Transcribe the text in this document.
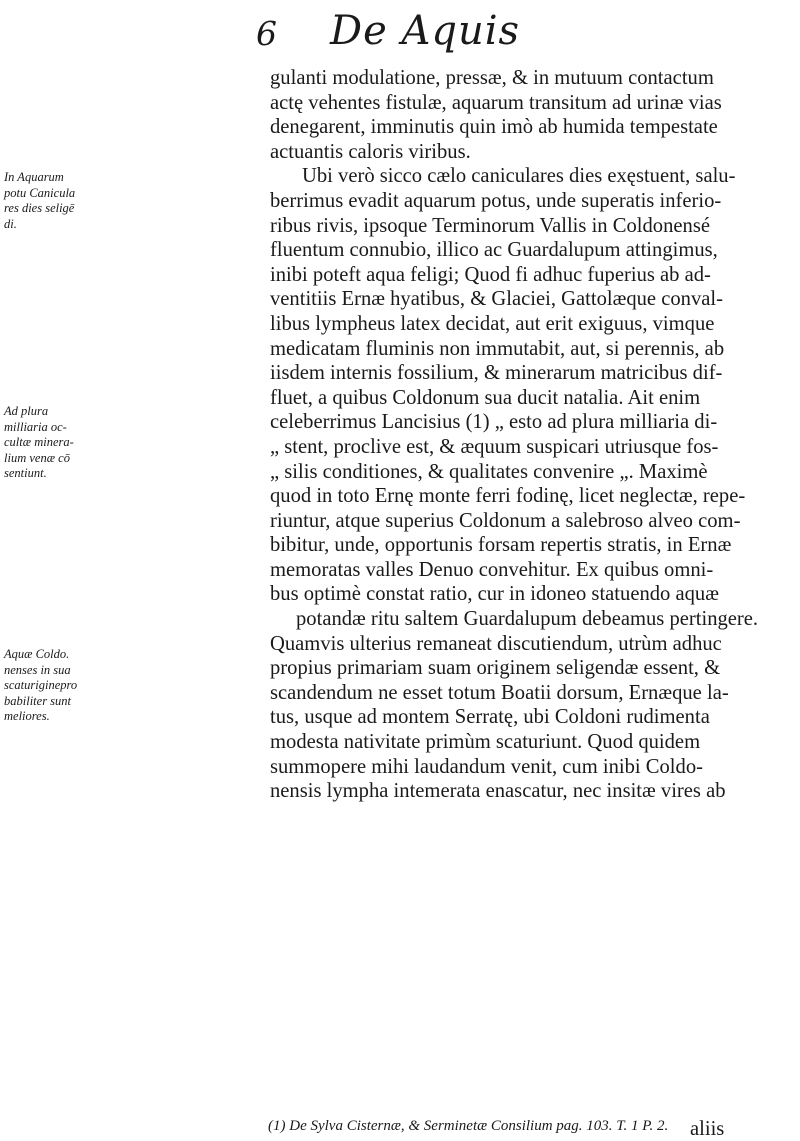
6 De Aquis
gulanti modulatione, pressæ, & in mutuum contactum
actę vehentes fistulæ, aquarum transitum ad urinæ vias
denegarent, imminutis quin imò ab humida tempestate
actuantis caloris viribus.
Ubi verò sicco cælo caniculares dies exęstuent, salu-
berrimus evadit aquarum potus, unde superatis inferio-
ribus rivis, ipsoque Terminorum Vallis in Coldonensé
fluentum connubio, illico ac Guardalupum attingimus,
inibi poteft aqua feligi; Quod fi adhuc fuperius ab ad-
ventitiis Ernæ hyatibus, & Glaciei, Gattolæque conval-
libus lympheus latex decidat, aut erit exiguus, vimque
medicatam fluminis non immutabit, aut, si perennis, ab
iisdem internis fossilium, & minerarum matricibus dif-
fluet, a quibus Coldonum sua ducit natalia. Ait enim
celeberrimus Lancisius (1) „ esto ad plura milliaria di-
„ stent, proclive est, & æquum suspicari utriusque fos-
„ silis conditiones, & qualitates convenire „. Maximè
quod in toto Ernę monte ferri fodinę, licet neglectæ, repe-
riuntur, atque superius Coldonum a salebroso alveo com-
bibitur, unde, opportunis forsam repertis stratis, in Ernæ
memoratas valles Denuo convehitur. Ex quibus omni-
bus optimè constat ratio, cur in idoneo statuendo aquæ
potandæ ritu saltem Guardalupum debeamus pertingere.
Quamvis ulterius remaneat discutiendum, utrùm adhuc
propius primariam suam originem seligendæ essent, &
scandendum ne esset totum Boatii dorsum, Ernæque la-
tus, usque ad montem Serratę, ubi Coldoni rudimenta
modesta nativitate primùm scaturiunt. Quod quidem
summopere mihi laudandum venit, cum inibi Coldo-
nensis lympha intemerata enascatur, nec insitæ vires ab
In Aquarum
potu Canicula
res dies seligē
di.
Ad plura
milliaria oc-
cultæ minera-
lium venæ cō
sentiunt.
Aquæ Coldo.
nenses in sua
scaturiginepro
babiliter sunt
meliores.
aliis
(1) De Sylva Cisternæ, & Serminetæ Consilium pag. 103. T. 1 P. 2.
